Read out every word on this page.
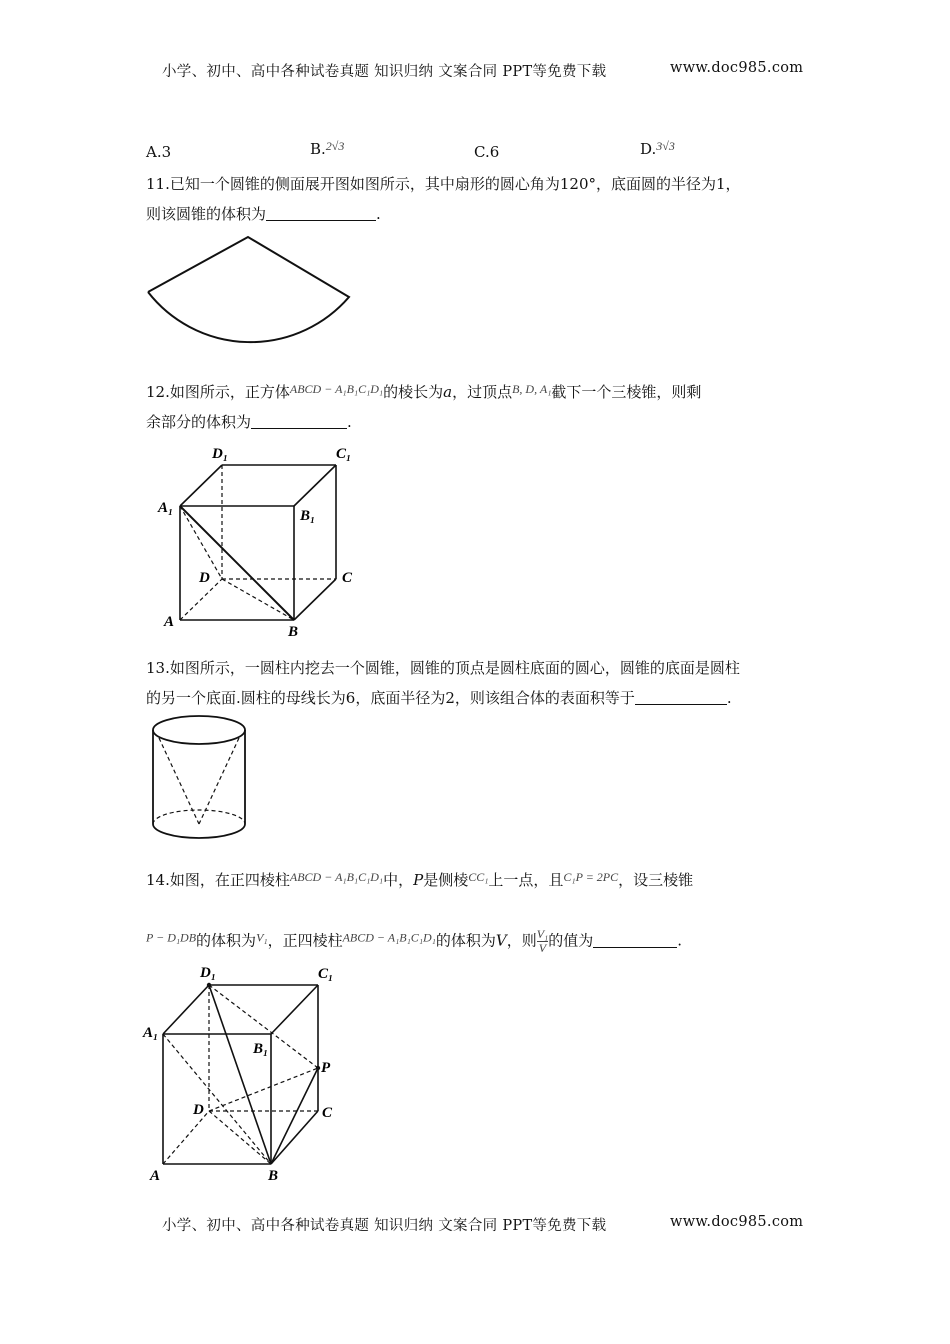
小学、初中、高中各种试卷真题 知识归纳 文案合同 PPT等免费下载	www.doc985.com
A.3	B.$^{2√3}$	C.6	D.$^{3√3}$
11.已知一个圆锥的侧面展开图如图所示，其中扇形的圆心角为120°，底面圆的半径为1，
则该圆锥的体积为	.
12.如图所示，正方体$^{ABCD - A_1B_1C_1D_1}$的棱长为a，过顶点$^{B, D, A_1}$截下一个三棱锥，则剩
余部分的体积为	.
D₁	C₁
A₁	B₁
D	C
A
B
13.如图所示，一圆柱内挖去一个圆锥，圆锥的顶点是圆柱底面的圆心，圆锥的底面是圆柱
的另一个底面.圆柱的母线长为6，底面半径为2，则该组合体的表面积等于	.
14.如图，在正四棱柱$^{ABCD - A_1B_1C_1D_1}$中，P是侧棱$^{CC_1}$上一点，且$^{C_1P = 2PC}$，设三棱锥
$^{P - D_1DB}$的体积为$^{V_1}$，正四棱柱$^{ABCD - A_1B_1C_1D_1}$的体积为V，则$\frac{\text{V₁}}{V}$ 的值为	.
D₁	C₁
A₁
B₁
P
D	C
A	B
小学、初中、高中各种试卷真题 知识归纳 文案合同 PPT等免费下载	www.doc985.com
